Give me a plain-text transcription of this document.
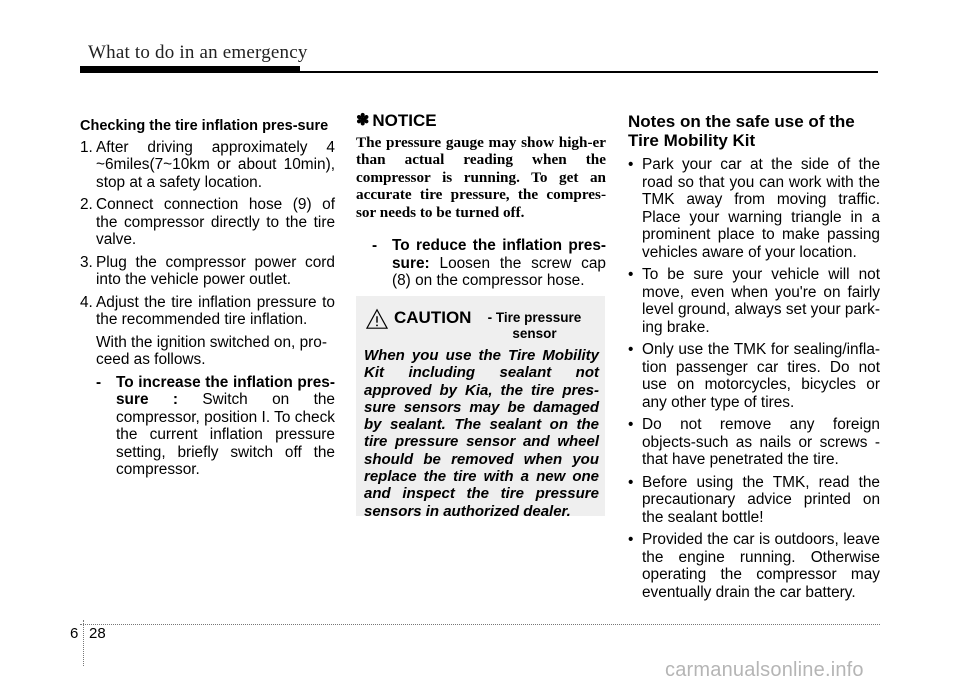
What to do in an emergency
Checking the tire inflation pres-sure
1. After driving approximately 4 ~6miles(7~10km or about 10min), stop at a safety location.
2. Connect connection hose (9) of the compressor directly to the tire valve.
3. Plug the compressor power cord into the vehicle power outlet.
4. Adjust the tire inflation pressure to the recommended tire inflation.
With the ignition switched on, pro-ceed as follows.
- To increase the inflation pres-sure : Switch on the compressor, position I. To check the current inflation pressure setting, briefly switch off the compressor.
✽ NOTICE
The pressure gauge may show high-er than actual reading when the compressor is running. To get an accurate tire pressure, the compres-sor needs to be turned off.
- To reduce the inflation pres-sure: Loosen the screw cap (8) on the compressor hose.
CAUTION	- Tire pressure sensor
When you use the Tire Mobility Kit including sealant not approved by Kia, the tire pres-sure sensors may be damaged by sealant. The sealant on the tire pressure sensor and wheel should be removed when you replace the tire with a new one and inspect the tire pressure sensors in authorized dealer.
Notes on the safe use of the Tire Mobility Kit
• Park your car at the side of the road so that you can work with the TMK away from moving traffic. Place your warning triangle in a prominent place to make passing vehicles aware of your location.
• To be sure your vehicle will not move, even when you're on fairly level ground, always set your park-ing brake.
• Only use the TMK for sealing/infla-tion passenger car tires. Do not use on motorcycles, bicycles or any other type of tires.
• Do not remove any foreign objects-such as nails or screws -that have penetrated the tire.
• Before using the TMK, read the precautionary advice printed on the sealant bottle!
• Provided the car is outdoors, leave the engine running. Otherwise operating the compressor may eventually drain the car battery.
6 28
carmanualsonline.info
